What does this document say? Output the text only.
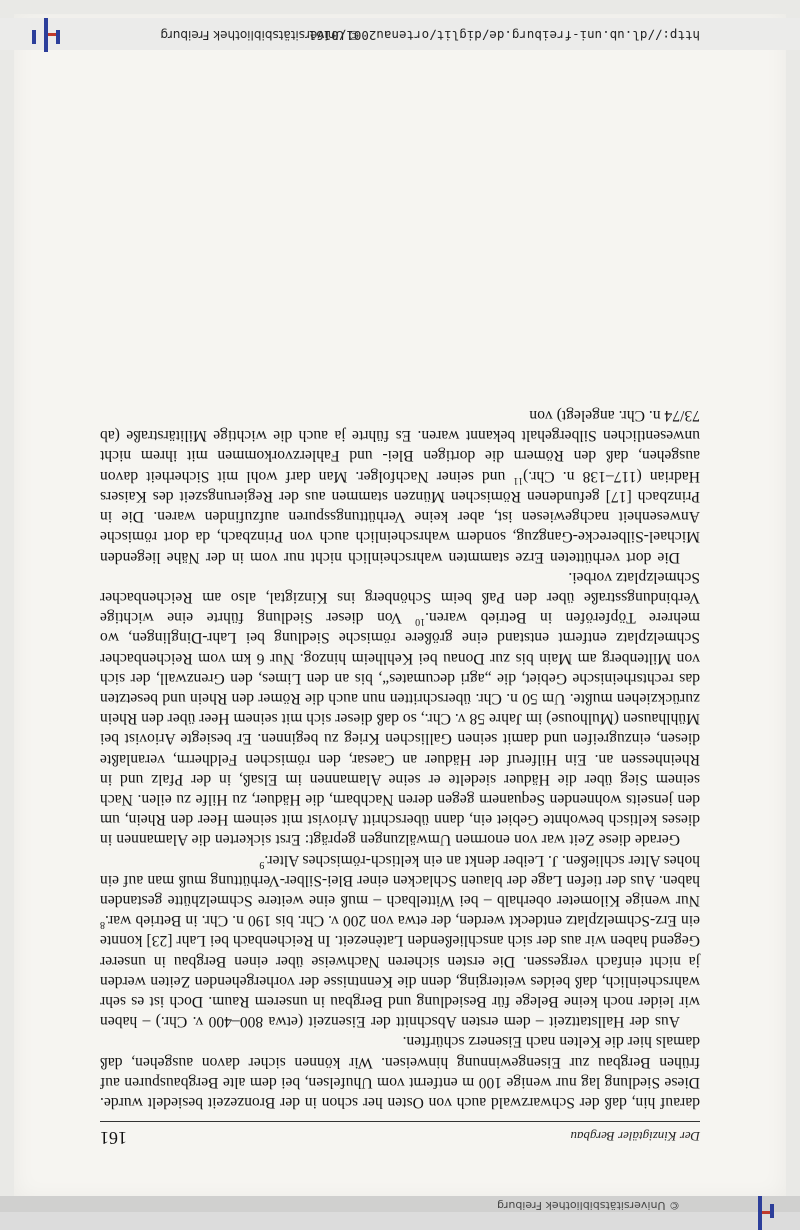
© Universitätsbibliothek Freiburg
Der Kinzigtäler Bergbau
161

darauf hin, daß der Schwarzwald auch von Osten her schon in der Bronzezeit besiedelt wurde. Diese Siedlung lag nur wenige 100 m entfernt vom Uhufelsen, bei dem alte Bergbauspuren auf frühen Bergbau zur Eisengewinnung hinweisen. Wir können sicher davon ausgehen, daß damals hier die Kelten nach Eisenerz schürften.

Aus der Hallstattzeit – dem ersten Abschnitt der Eisenzeit (etwa 800–400 v. Chr.) – haben wir leider noch keine Belege für Besiedlung und Bergbau in unserem Raum. Doch ist es sehr wahrscheinlich, daß beides weiterging, denn die Kenntnisse der vorhergehenden Zeiten werden ja nicht einfach vergessen. Die ersten sicheren Nachweise über einen Bergbau in unserer Gegend haben wir aus der sich anschließenden Latènezeit. In Reichenbach bei Lahr [23] konnte ein Erz-Schmelzplatz entdeckt werden, der etwa von 200 v. Chr. bis 190 n. Chr. in Betrieb war.$^8$ Nur wenige Kilometer oberhalb – bei Wittelbach – muß eine weitere Schmelzhütte gestanden haben. Aus der tiefen Lage der blauen Schlacken einer Blei-Silber-Verhüttung muß man auf ein hohes Alter schließen. J. Leiber denkt an ein keltisch-römisches Alter.$^9$

Gerade diese Zeit war von enormen Umwälzungen geprägt: Erst sickerten die Alamannen in dieses keltisch bewohnte Gebiet ein, dann überschritt Ariovist mit seinem Heer den Rhein, um den jenseits wohnenden Sequanern gegen deren Nachbarn, die Häduer, zu Hilfe zu eilen. Nach seinem Sieg über die Häduer siedelte er seine Alamannen im Elsaß, in der Pfalz und in Rheinhessen an. Ein Hilferuf der Häduer an Caesar, den römischen Feldherrn, veranlaßte diesen, einzugreifen und damit seinen Gallischen Krieg zu beginnen. Er besiegte Ariovist bei Mühlhausen (Mulhouse) im Jahre 58 v. Chr., so daß dieser sich mit seinem Heer über den Rhein zurückziehen mußte. Um 50 n. Chr. überschritten nun auch die Römer den Rhein und besetzten das rechtsrheinische Gebiet, die „agri decumates“, bis an den Limes, den Grenzwall, der sich von Miltenberg am Main bis zur Donau bei Kehlheim hinzog. Nur 6 km vom Reichenbacher Schmelzplatz entfernt entstand eine größere römische Siedlung bei Lahr-Dinglingen, wo mehrere Töpferöfen in Betrieb waren.$^{10}$ Von dieser Siedlung führte eine wichtige Verbindungsstraße über den Paß beim Schönberg ins Kinzigtal, also am Reichenbacher Schmelzplatz vorbei.

Die dort verhütteten Erze stammten wahrscheinlich nicht nur vom in der Nähe liegenden Michael-Silberecke-Gangzug, sondern wahrscheinlich auch von Prinzbach, da dort römische Anwesenheit nachgewiesen ist, aber keine Verhüttungsspuren aufzufinden waren. Die in Prinzbach [17] gefundenen Römischen Münzen stammen aus der Regierungszeit des Kaisers Hadrian (117–138 n. Chr.)$^{11}$ und seiner Nachfolger. Man darf wohl mit Sicherheit davon ausgehen, daß den Römern die dortigen Blei- und Fahlerzvorkommen mit ihrem nicht unwesentlichen Silbergehalt bekannt waren. Es führte ja auch die wichtige Militärstraße (ab 73/74 n. Chr. angelegt) von

http://dl.ub.uni-freiburg.de/diglit/ortenau2001/0161
© Universitätsbibliothek Freiburg
